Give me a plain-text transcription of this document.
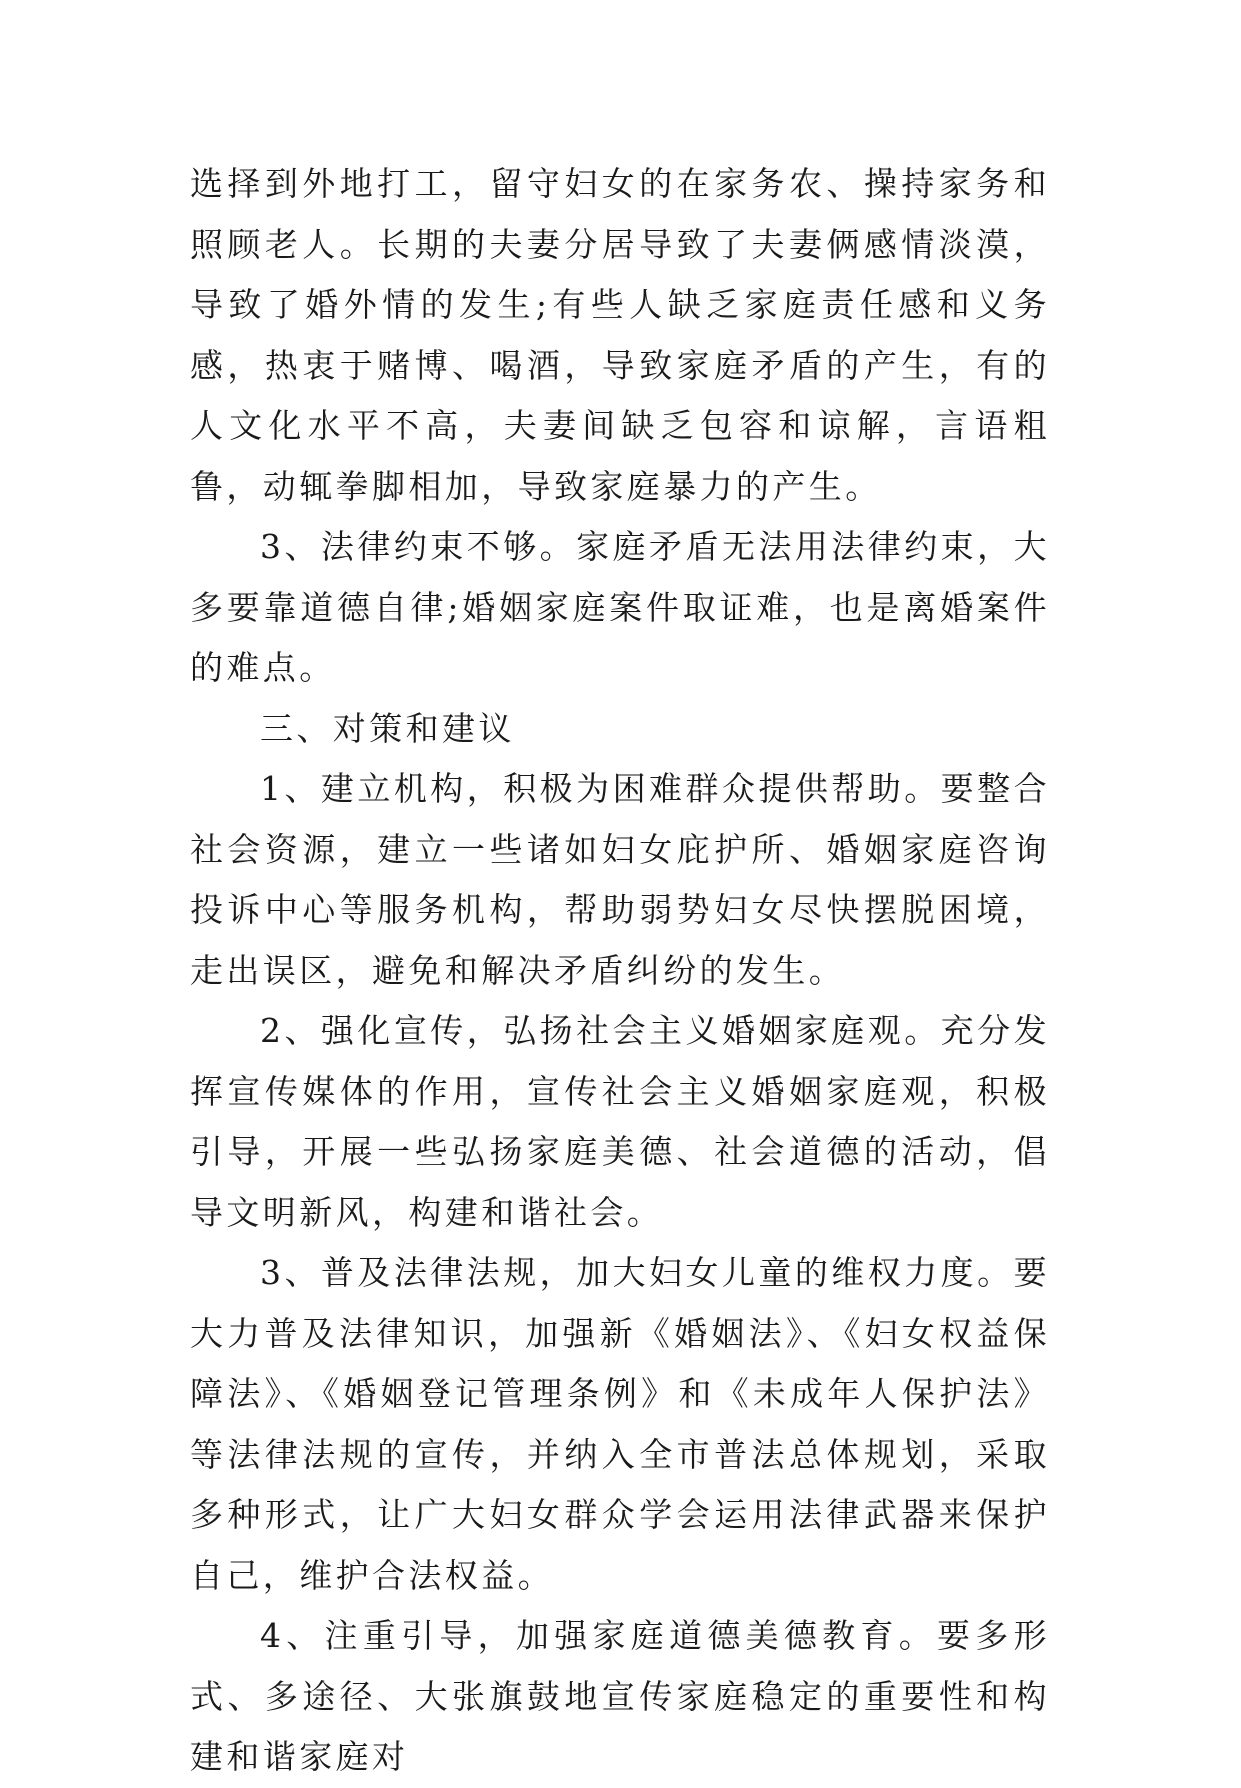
选择到外地打工，留守妇女的在家务农、操持家务和照顾老人。长期的夫妻分居导致了夫妻俩感情淡漠，导致了婚外情的发生;有些人缺乏家庭责任感和义务感，热衷于赌博、喝酒，导致家庭矛盾的产生，有的人文化水平不高，夫妻间缺乏包容和谅解，言语粗鲁，动辄拳脚相加，导致家庭暴力的产生。

3、法律约束不够。家庭矛盾无法用法律约束，大多要靠道德自律;婚姻家庭案件取证难，也是离婚案件的难点。

三、对策和建议

1、建立机构，积极为困难群众提供帮助。要整合社会资源，建立一些诸如妇女庇护所、婚姻家庭咨询投诉中心等服务机构，帮助弱势妇女尽快摆脱困境，走出误区，避免和解决矛盾纠纷的发生。

2、强化宣传，弘扬社会主义婚姻家庭观。充分发挥宣传媒体的作用，宣传社会主义婚姻家庭观，积极引导，开展一些弘扬家庭美德、社会道德的活动，倡导文明新风，构建和谐社会。

3、普及法律法规，加大妇女儿童的维权力度。要大力普及法律知识，加强新《婚姻法》、《妇女权益保障法》、《婚姻登记管理条例》和《未成年人保护法》等法律法规的宣传，并纳入全市普法总体规划，采取多种形式，让广大妇女群众学会运用法律武器来保护自己，维护合法权益。

4、注重引导，加强家庭道德美德教育。要多形式、多途径、大张旗鼓地宣传家庭稳定的重要性和构建和谐家庭对
